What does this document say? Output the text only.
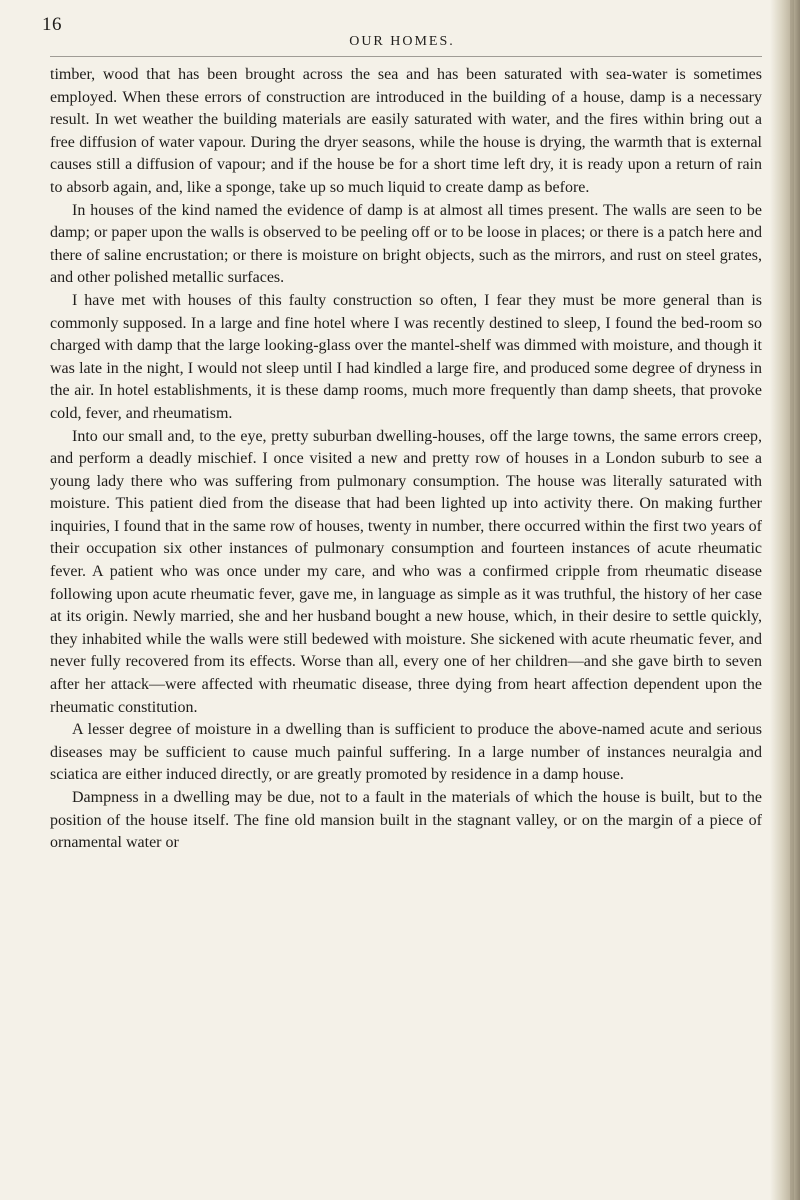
16
OUR HOMES.

timber, wood that has been brought across the sea and has been saturated with sea-water is sometimes employed. When these errors of construction are introduced in the building of a house, damp is a necessary result. In wet weather the building materials are easily saturated with water, and the fires within bring out a free diffusion of water vapour. During the dryer seasons, while the house is drying, the warmth that is external causes still a diffusion of vapour; and if the house be for a short time left dry, it is ready upon a return of rain to absorb again, and, like a sponge, take up so much liquid to create damp as before.

In houses of the kind named the evidence of damp is at almost all times present. The walls are seen to be damp; or paper upon the walls is observed to be peeling off or to be loose in places; or there is a patch here and there of saline encrustation; or there is moisture on bright objects, such as the mirrors, and rust on steel grates, and other polished metallic surfaces.

I have met with houses of this faulty construction so often, I fear they must be more general than is commonly supposed. In a large and fine hotel where I was recently destined to sleep, I found the bed-room so charged with damp that the large looking-glass over the mantel-shelf was dimmed with moisture, and though it was late in the night, I would not sleep until I had kindled a large fire, and produced some degree of dryness in the air. In hotel establishments, it is these damp rooms, much more frequently than damp sheets, that provoke cold, fever, and rheumatism.

Into our small and, to the eye, pretty suburban dwelling-houses, off the large towns, the same errors creep, and perform a deadly mischief. I once visited a new and pretty row of houses in a London suburb to see a young lady there who was suffering from pulmonary consumption. The house was literally saturated with moisture. This patient died from the disease that had been lighted up into activity there. On making further inquiries, I found that in the same row of houses, twenty in number, there occurred within the first two years of their occupation six other instances of pulmonary consumption and fourteen instances of acute rheumatic fever. A patient who was once under my care, and who was a confirmed cripple from rheumatic disease following upon acute rheumatic fever, gave me, in language as simple as it was truthful, the history of her case at its origin. Newly married, she and her husband bought a new house, which, in their desire to settle quickly, they inhabited while the walls were still bedewed with moisture. She sickened with acute rheumatic fever, and never fully recovered from its effects. Worse than all, every one of her children—and she gave birth to seven after her attack—were affected with rheumatic disease, three dying from heart affection dependent upon the rheumatic constitution.

A lesser degree of moisture in a dwelling than is sufficient to produce the above-named acute and serious diseases may be sufficient to cause much painful suffering. In a large number of instances neuralgia and sciatica are either induced directly, or are greatly promoted by residence in a damp house.

Dampness in a dwelling may be due, not to a fault in the materials of which the house is built, but to the position of the house itself. The fine old mansion built in the stagnant valley, or on the margin of a piece of ornamental water or
